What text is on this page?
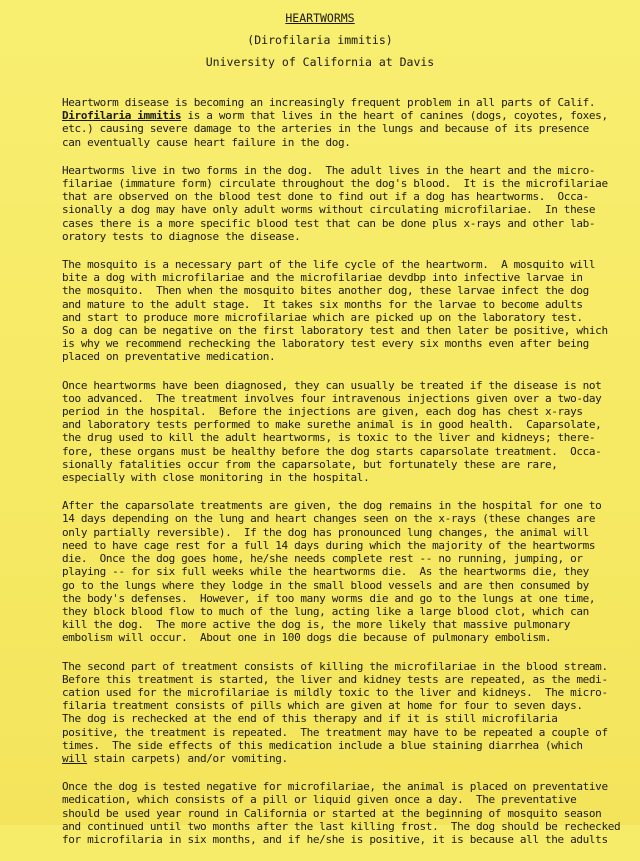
HEARTWORMS
(Dirofilaria immitis)
University of California at Davis

Heartworm disease is becoming an increasingly frequent problem in all parts of Calif.
Dirofilaria immitis is a worm that lives in the heart of canines (dogs, coyotes, foxes,
etc.) causing severe damage to the arteries in the lungs and because of its presence
can eventually cause heart failure in the dog.

Heartworms live in two forms in the dog.  The adult lives in the heart and the micro-
filariae (immature form) circulate throughout the dog's blood.  It is the microfilariae
that are observed on the blood test done to find out if a dog has heartworms.  Occa-
sionally a dog may have only adult worms without circulating microfilariae.  In these
cases there is a more specific blood test that can be done plus x-rays and other lab-
oratory tests to diagnose the disease.

The mosquito is a necessary part of the life cycle of the heartworm.  A mosquito will
bite a dog with microfilariae and the microfilariae devdbp into infective larvae in
the mosquito.  Then when the mosquito bites another dog, these larvae infect the dog
and mature to the adult stage.  It takes six months for the larvae to become adults
and start to produce more microfilariae which are picked up on the laboratory test.
So a dog can be negative on the first laboratory test and then later be positive, which
is why we recommend rechecking the laboratory test every six months even after being
placed on preventative medication.

Once heartworms have been diagnosed, they can usually be treated if the disease is not
too advanced.  The treatment involves four intravenous injections given over a two-day
period in the hospital.  Before the injections are given, each dog has chest x-rays
and laboratory tests performed to make surethe animal is in good health.  Caparsolate,
the drug used to kill the adult heartworms, is toxic to the liver and kidneys; there-
fore, these organs must be healthy before the dog starts caparsolate treatment.  Occa-
sionally fatalities occur from the caparsolate, but fortunately these are rare,
especially with close monitoring in the hospital.

After the caparsolate treatments are given, the dog remains in the hospital for one to
14 days depending on the lung and heart changes seen on the x-rays (these changes are
only partially reversible).  If the dog has pronounced lung changes, the animal will
need to have cage rest for a full 14 days during which the majority of the heartworms
die.  Once the dog goes home, he/she needs complete rest -- no running, jumping, or
playing -- for six full weeks while the heartworms die.  As the heartworms die, they
go to the lungs where they lodge in the small blood vessels and are then consumed by
the body's defenses.  However, if too many worms die and go to the lungs at one time,
they block blood flow to much of the lung, acting like a large blood clot, which can
kill the dog.  The more active the dog is, the more likely that massive pulmonary
embolism will occur.  About one in 100 dogs die because of pulmonary embolism.

The second part of treatment consists of killing the microfilariae in the blood stream.
Before this treatment is started, the liver and kidney tests are repeated, as the medi-
cation used for the microfilariae is mildly toxic to the liver and kidneys.  The micro-
filaria treatment consists of pills which are given at home for four to seven days.
The dog is rechecked at the end of this therapy and if it is still microfilaria
positive, the treatment is repeated.  The treatment may have to be repeated a couple of
times.  The side effects of this medication include a blue staining diarrhea (which
will stain carpets) and/or vomiting.

Once the dog is tested negative for microfilariae, the animal is placed on preventative
medication, which consists of a pill or liquid given once a day.  The preventative
should be used year round in California or started at the beginning of mosquito season
and continued until two months after the last killing frost.  The dog should be rechecked
for microfilaria in six months, and if he/she is positive, it is because all the adults
